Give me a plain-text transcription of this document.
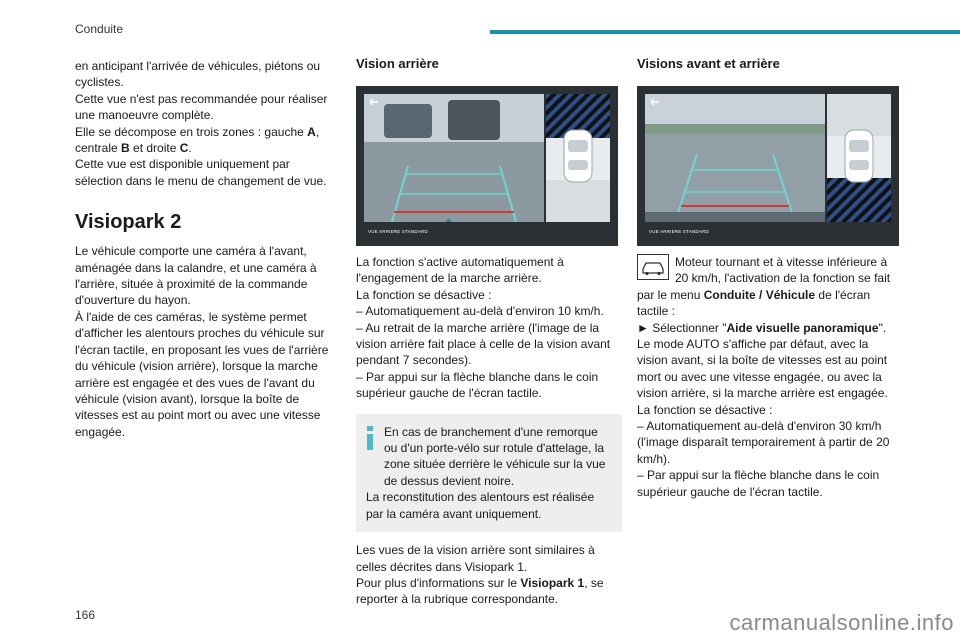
Conduite

en anticipant l'arrivée de véhicules, piétons ou cyclistes.

Cette vue n'est pas recommandée pour réaliser une manoeuvre complète.

Elle se décompose en trois zones : gauche A, centrale B et droite C.

Cette vue est disponible uniquement par sélection dans le menu de changement de vue.

Visiopark 2

Le véhicule comporte une caméra à l'avant, aménagée dans la calandre, et une caméra à l'arrière, située à proximité de la commande d'ouverture du hayon.

À l'aide de ces caméras, le système permet d'afficher les alentours proches du véhicule sur l'écran tactile, en proposant les vues de l'arrière du véhicule (vision arrière), lorsque la marche arrière est engagée et des vues de l'avant du véhicule (vision avant), lorsque la boîte de vitesses est au point mort ou avec une vitesse engagée.

Vision arrière
VUE ARRIERE STANDARD

La fonction s'active automatiquement à l'engagement de la marche arrière.

La fonction se désactive :

– Automatiquement au-delà d'environ 10 km/h.

– Au retrait de la marche arrière (l'image de la vision arrière fait place à celle de la vision avant pendant 7 secondes).

– Par appui sur la flèche blanche dans le coin supérieur gauche de l'écran tactile.

En cas de branchement d'une remorque ou d'un porte-vélo sur rotule d'attelage, la zone située derrière le véhicule sur la vue de dessus devient noire.

La reconstitution des alentours est réalisée par la caméra avant uniquement.

Les vues de la vision arrière sont similaires à celles décrites dans Visiopark 1.

Pour plus d'informations sur le Visiopark 1, se reporter à la rubrique correspondante.

Visions avant et arrière
VUE ARRIERE STANDARD

Moteur tournant et à vitesse inférieure à 20 km/h, l'activation de la fonction se fait par le menu Conduite / Véhicule de l'écran tactile :

► Sélectionner "Aide visuelle panoramique".

Le mode AUTO s'affiche par défaut, avec la vision avant, si la boîte de vitesses est au point mort ou avec une vitesse engagée, ou avec la vision arrière, si la marche arrière est engagée.

La fonction se désactive :

– Automatiquement au-delà d'environ 30 km/h (l'image disparaît temporairement à partir de 20 km/h).

– Par appui sur la flèche blanche dans le coin supérieur gauche de l'écran tactile.

166	carmanualsonline.info
